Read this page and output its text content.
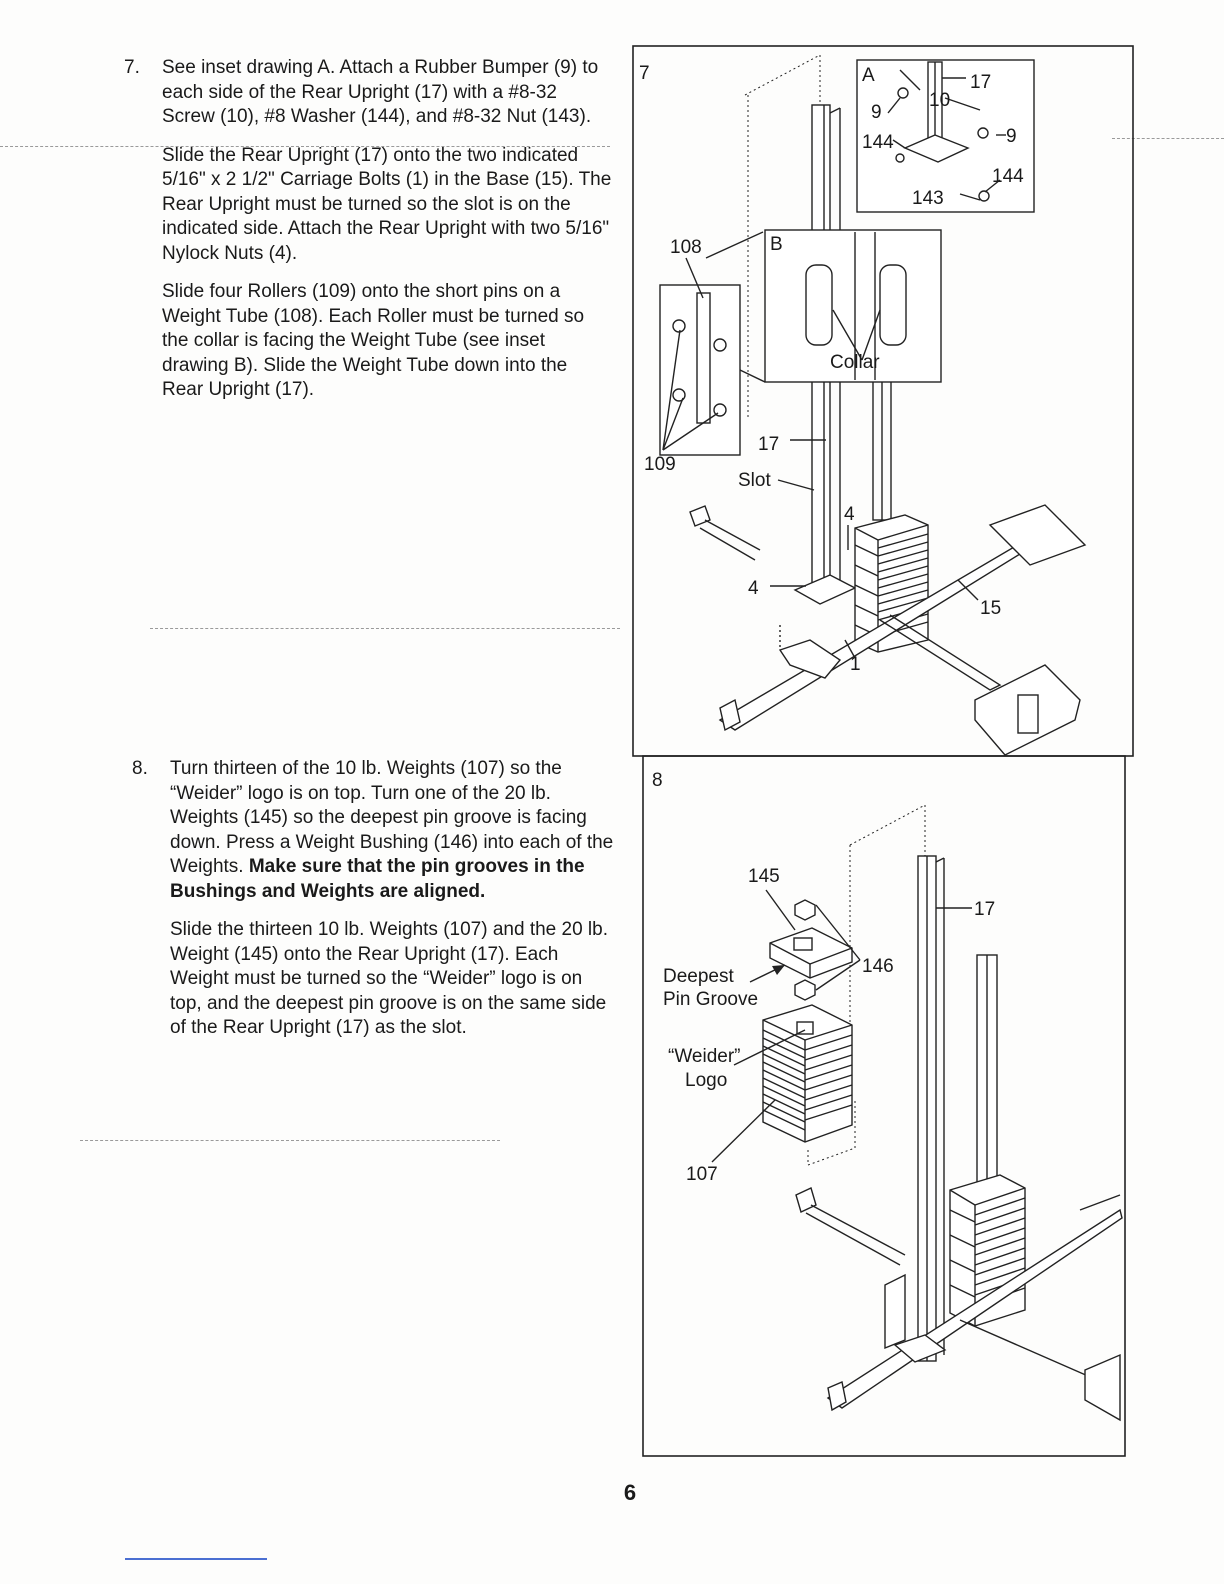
7. See inset drawing A. Attach a Rubber Bumper (9) to each side of the Rear Upright (17) with a #8-32 Screw (10), #8 Washer (144), and #8-32 Nut (143).

Slide the Rear Upright (17) onto the two indicated 5/16" x 2 1/2" Carriage Bolts (1) in the Base (15). The Rear Upright must be turned so the slot is on the indicated side. Attach the Rear Upright with two 5/16" Nylock Nuts (4).

Slide four Rollers (109) onto the short pins on a Weight Tube (108). Each Roller must be turned so the collar is facing the Weight Tube (see inset drawing B). Slide the Weight Tube down into the Rear Upright (17).

8. Turn thirteen of the 10 lb. Weights (107) so the “Weider” logo is on top. Turn one of the 20 lb. Weights (145) so the deepest pin groove is facing down. Press a Weight Bushing (146) into each of the Weights. Make sure that the pin grooves in the Bushings and Weights are aligned.

Slide the thirteen 10 lb. Weights (107) and the 20 lb. Weight (145) onto the Rear Upright (17). Each Weight must be turned so the “Weider” logo is on top, and the deepest pin groove is on the same side of the Rear Upright (17) as the slot.

7
8
108
109
17
Slot
4
4
15
1
A	17
10
9
9
144
144
143
B
Collar
145
17
146
Deepest
Pin Groove
“Weider”
Logo
107
6
